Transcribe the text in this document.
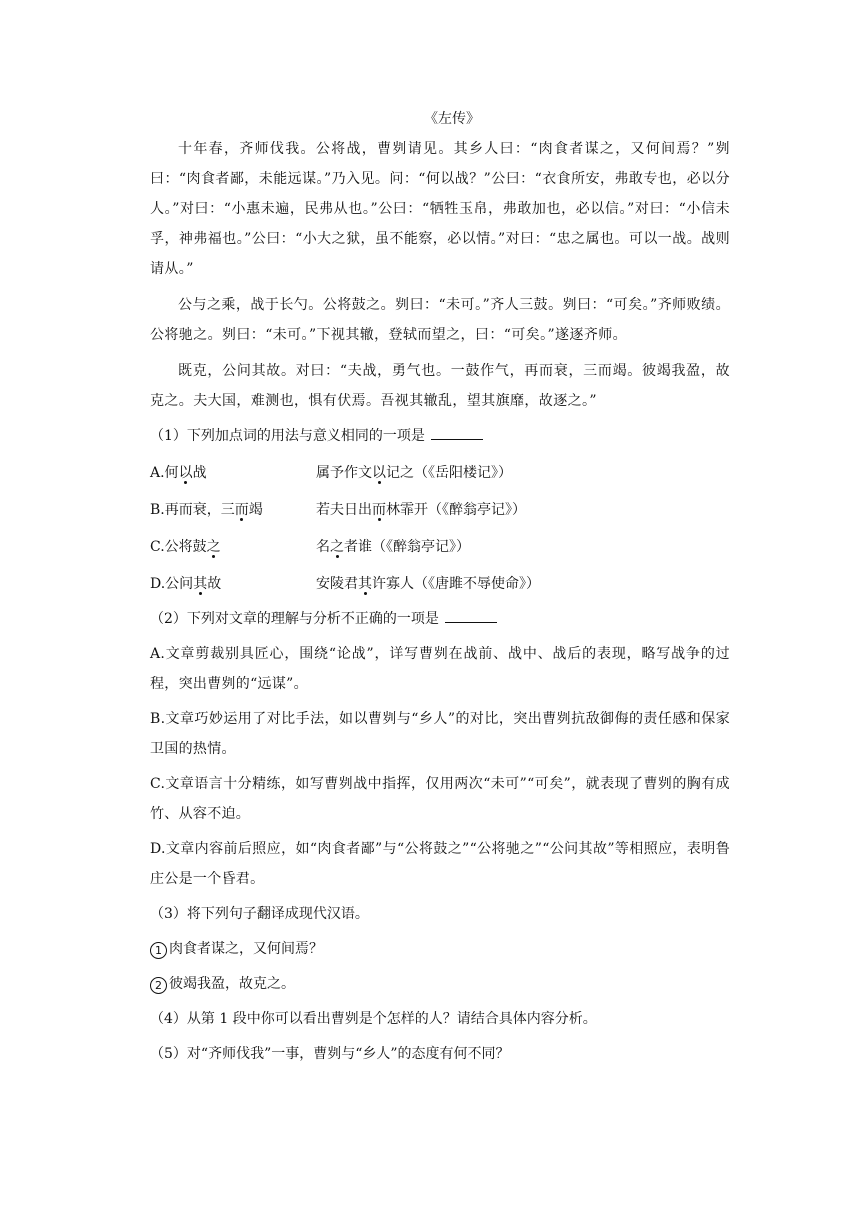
《左传》
十年春，齐师伐我。公将战，曹刿请见。其乡人曰：“肉食者谋之，又何间焉？”刿曰：“肉食者鄙，未能远谋。”乃入见。问：“何以战？”公曰：“衣食所安，弗敢专也，必以分人。”对曰：“小惠未遍，民弗从也。”公曰：“牺牲玉帛，弗敢加也，必以信。”对曰：“小信未孚，神弗福也。”公曰：“小大之狱，虽不能察，必以情。”对曰：“忠之属也。可以一战。战则请从。”
公与之乘，战于长勺。公将鼓之。刿曰：“未可。”齐人三鼓。刿曰：“可矣。”齐师败绩。公将驰之。刿曰：“未可。”下视其辙，登轼而望之，曰：“可矣。”遂逐齐师。
既克，公问其故。对曰：“夫战，勇气也。一鼓作气，再而衰，三而竭。彼竭我盈，故克之。夫大国，难测也，惧有伏焉。吾视其辙乱，望其旗靡，故逐之。”
（1）下列加点词的用法与意义相同的一项是
A.何以战	属予作文以记之（《岳阳楼记》）
B.再而衰，三而竭	若夫日出而林霏开（《醉翁亭记》）
C.公将鼓之	名之者谁（《醉翁亭记》）
D.公问其故	安陵君其许寡人（《唐雎不辱使命》）
（2）下列对文章的理解与分析不正确的一项是
A.文章剪裁别具匠心，围绕“论战”，详写曹刿在战前、战中、战后的表现，略写战争的过程，突出曹刿的“远谋”。
B.文章巧妙运用了对比手法，如以曹刿与“乡人”的对比，突出曹刿抗敌御侮的责任感和保家卫国的热情。
C.文章语言十分精练，如写曹刿战中指挥，仅用两次“未可”“可矣”，就表现了曹刿的胸有成竹、从容不迫。
D.文章内容前后照应，如“肉食者鄙”与“公将鼓之”“公将驰之”“公问其故”等相照应，表明鲁庄公是一个昏君。
（3）将下列句子翻译成现代汉语。
1 肉食者谋之，又何间焉？
2 彼竭我盈，故克之。
（4）从第 1 段中你可以看出曹刿是个怎样的人？请结合具体内容分析。
（5）对“齐师伐我”一事，曹刿与“乡人”的态度有何不同？
